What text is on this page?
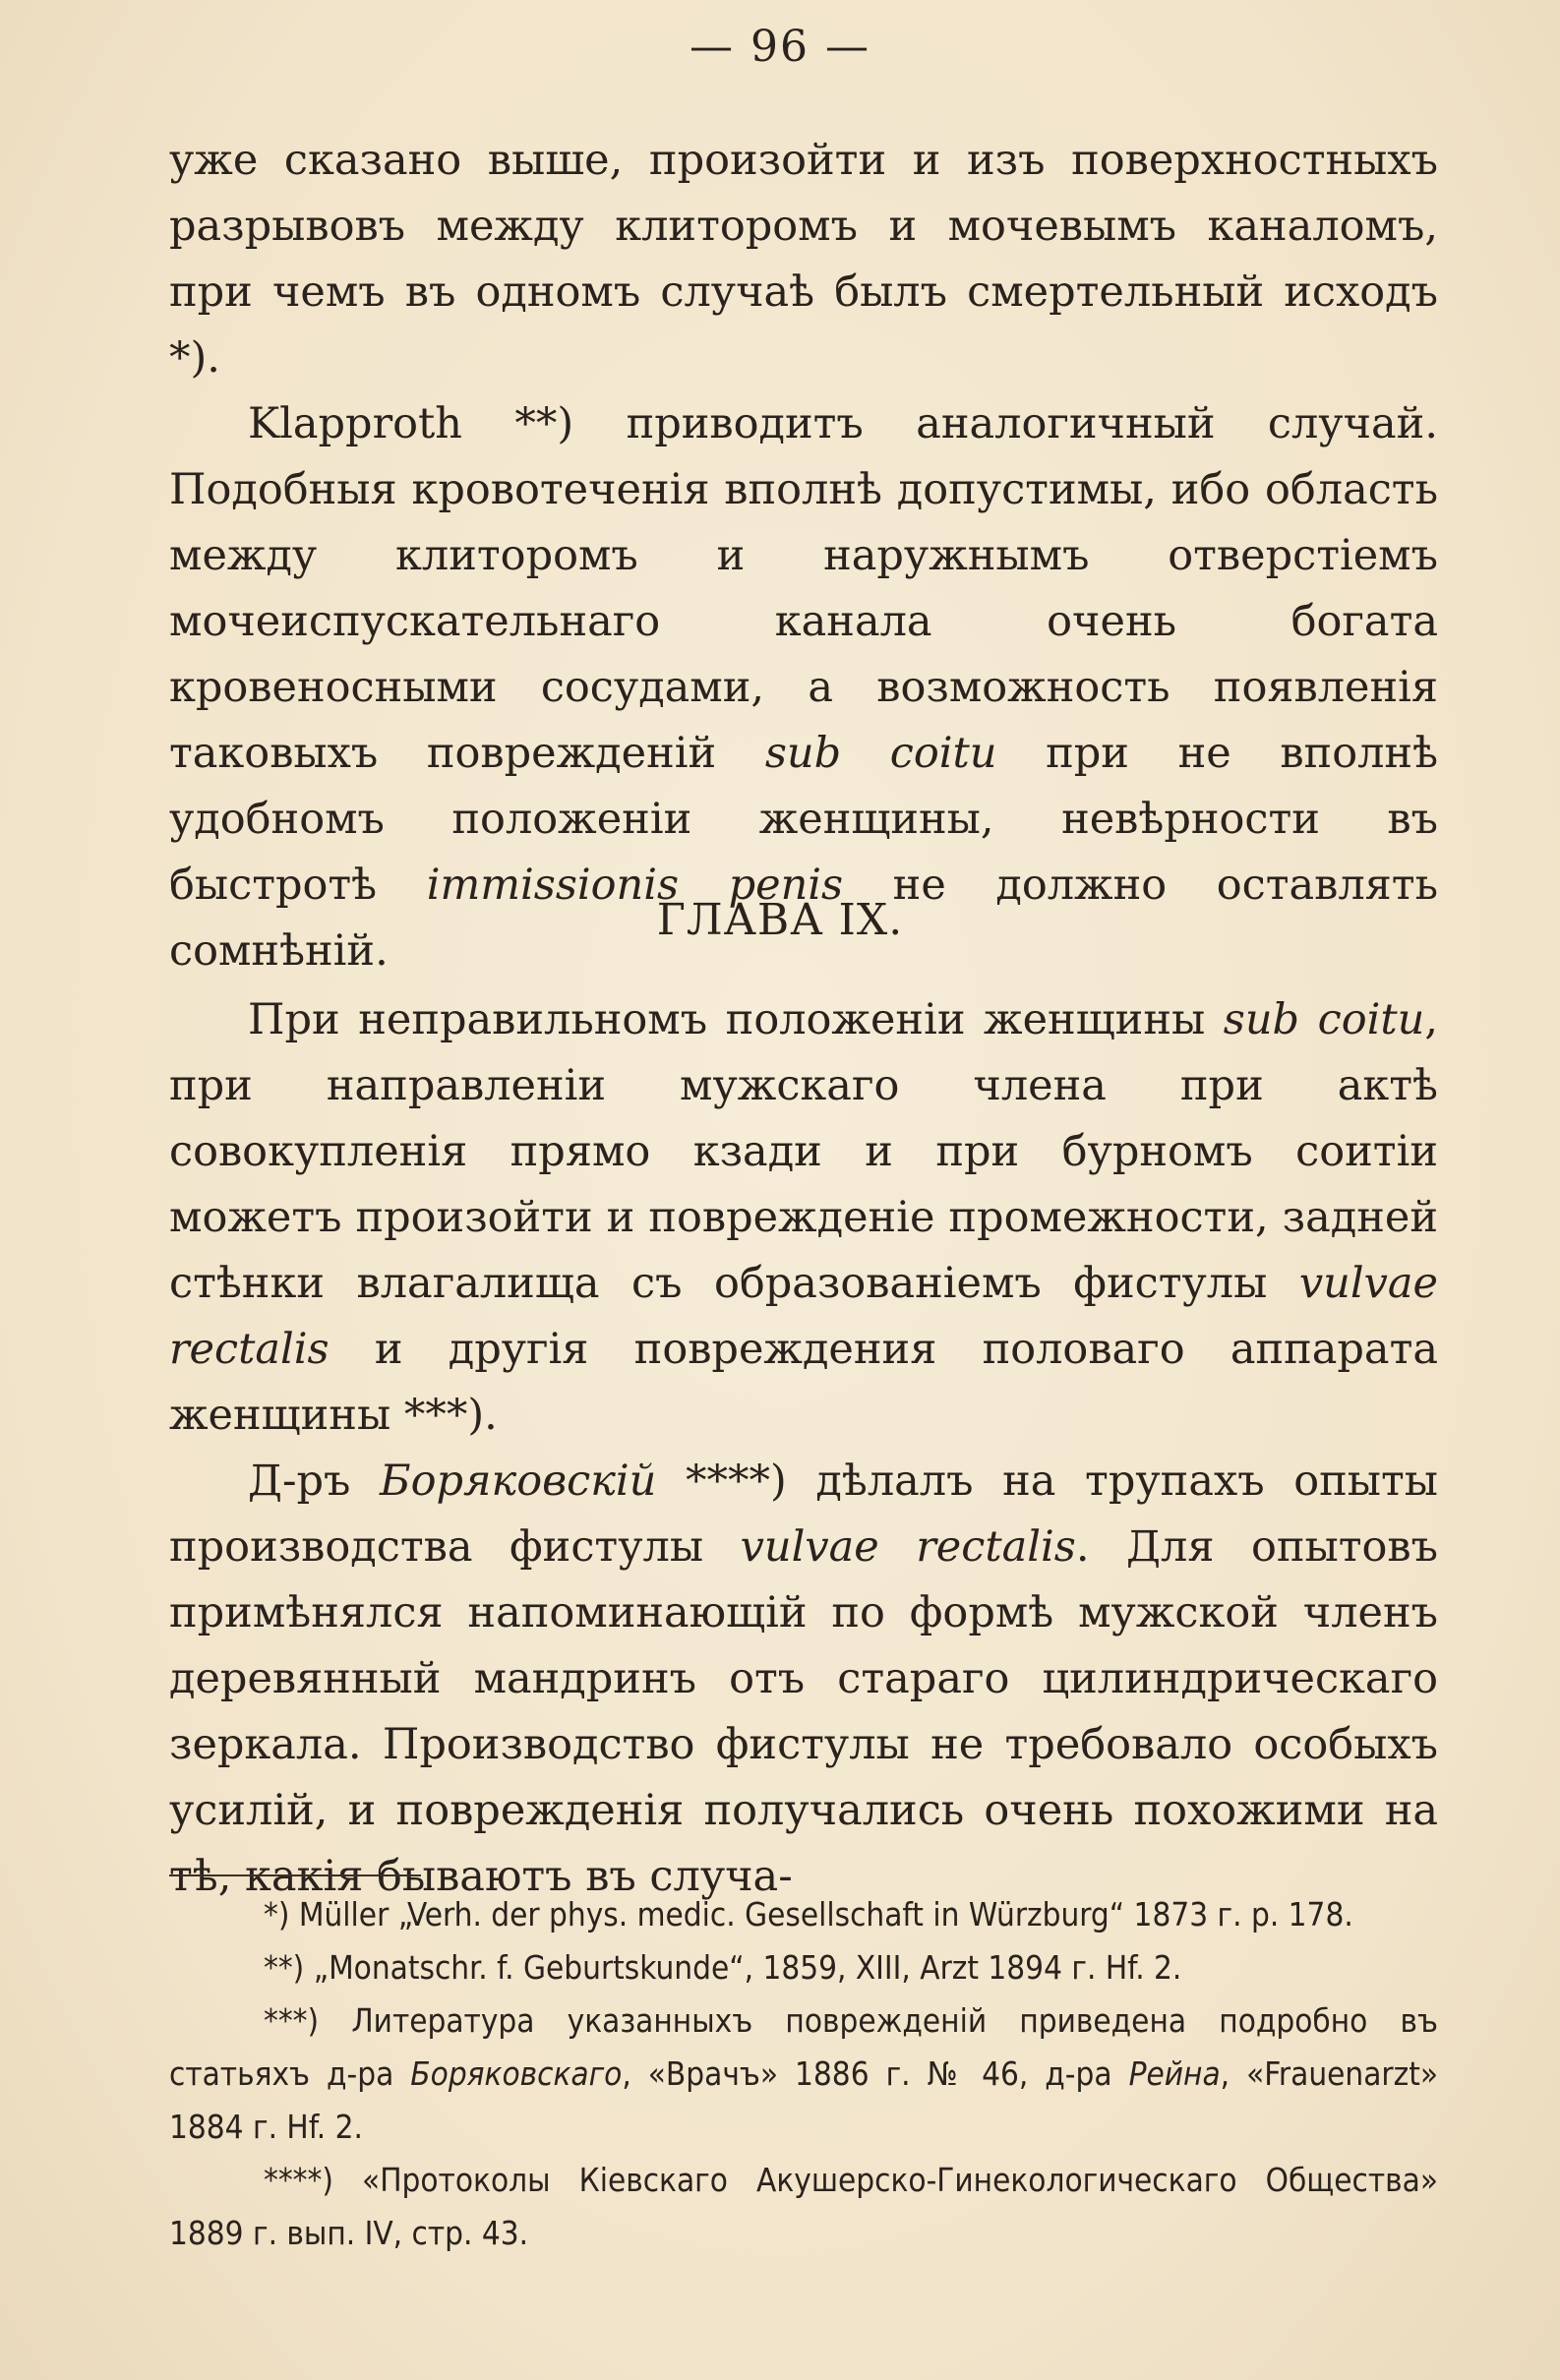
— 96 —

уже сказано выше, произойти и изъ поверхностныхъ разрывовъ между клиторомъ и мочевымъ каналомъ, при чемъ въ одномъ случаѣ былъ смертельный исходъ *).

Klapproth **) приводитъ аналогичный случай. Подобныя кровотеченія вполнѣ допустимы, ибо область между клиторомъ и наружнымъ отверстіемъ мочеиспускательнаго канала очень богата кровеносными сосудами, а возможность появленія таковыхъ поврежденій sub coitu при не вполнѣ удобномъ положеніи женщины, невѣрности въ быстротѣ immissionis penis не должно оставлять сомнѣній.

ГЛАВА IX.

При неправильномъ положеніи женщины sub coitu, при направленіи мужскаго члена при актѣ совокупленія прямо кзади и при бурномъ соитіи можетъ произойти и поврежденіе промежности, задней стѣнки влагалища съ образованіемъ фистулы vulvae rectalis и другія повреждения половаго аппарата женщины ***).

Д-ръ Боряковскій ****) дѣлалъ на трупахъ опыты производства фистулы vulvae rectalis. Для опытовъ примѣнялся напоминающій по формѣ мужской членъ деревянный мандринъ отъ стараго цилиндрическаго зеркала. Производство фистулы не требовало особыхъ усилій, и поврежденія получались очень похожими на тѣ, какія бываютъ въ случа-

*) Müller „Verh. der phys. medic. Gesellschaft in Würzburg“ 1873 г. p. 178.

**) „Monatschr. f. Geburtskunde“, 1859, XIII, Arzt 1894 г. Hf. 2.

***) Литература указанныхъ поврежденій приведена подробно въ статьяхъ д-ра Боряковскаго, «Врачъ» 1886 г. № 46, д-ра Рейна, «Frauenarzt» 1884 г. Hf. 2.

****) «Протоколы Кіевскаго Акушерско-Гинекологическаго Общества» 1889 г. вып. IV, стр. 43.
